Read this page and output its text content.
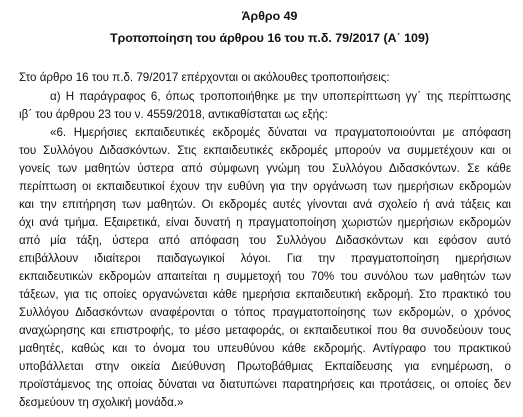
Άρθρο 49
Τροποποίηση του άρθρου 16 του π.δ. 79/2017 (Α΄ 109)
Στο άρθρο 16 του π.δ. 79/2017 επέρχονται οι ακόλουθες τροποποιήσεις:
α) Η παράγραφος 6, όπως τροποποιήθηκε με την υποπερίπτωση γγ΄ της περίπτωσης
ιβ΄ του άρθρου 23 του ν. 4559/2018, αντικαθίσταται ως εξής:
«6. Ημερήσιες εκπαιδευτικές εκδρομές δύναται να πραγματοποιούνται με απόφαση
του Συλλόγου Διδασκόντων. Στις εκπαιδευτικές εκδρομές μπορούν να συμμετέχουν και οι
γονείς των μαθητών ύστερα από σύμφωνη γνώμη του Συλλόγου Διδασκόντων. Σε κάθε
περίπτωση οι εκπαιδευτικοί έχουν την ευθύνη για την οργάνωση των ημερήσιων εκδρομών
και την επιτήρηση των μαθητών. Οι εκδρομές αυτές γίνονται ανά σχολείο ή ανά τάξεις και
όχι ανά τμήμα. Εξαιρετικά, είναι δυνατή η πραγματοποίηση χωριστών ημερήσιων εκδρομών
από μία τάξη, ύστερα από απόφαση του Συλλόγου Διδασκόντων και εφόσον αυτό
επιβάλλουν ιδιαίτεροι παιδαγωγικοί λόγοι. Για την πραγματοποίηση ημερήσιων
εκπαιδευτικών εκδρομών απαιτείται η συμμετοχή του 70% του συνόλου των μαθητών των
τάξεων, για τις οποίες οργανώνεται κάθε ημερήσια εκπαιδευτική εκδρομή. Στο πρακτικό του
Συλλόγου Διδασκόντων αναφέρονται ο τόπος πραγματοποίησης των εκδρομών, ο χρόνος
αναχώρησης και επιστροφής, το μέσο μεταφοράς, οι εκπαιδευτικοί που θα συνοδεύουν τους
μαθητές, καθώς και το όνομα του υπευθύνου κάθε εκδρομής. Αντίγραφο του πρακτικού
υποβάλλεται στην οικεία Διεύθυνση Πρωτοβάθμιας Εκπαίδευσης για ενημέρωση, ο
προϊστάμενος της οποίας δύναται να διατυπώνει παρατηρήσεις και προτάσεις, οι οποίες δεν
δεσμεύουν τη σχολική μονάδα.»
